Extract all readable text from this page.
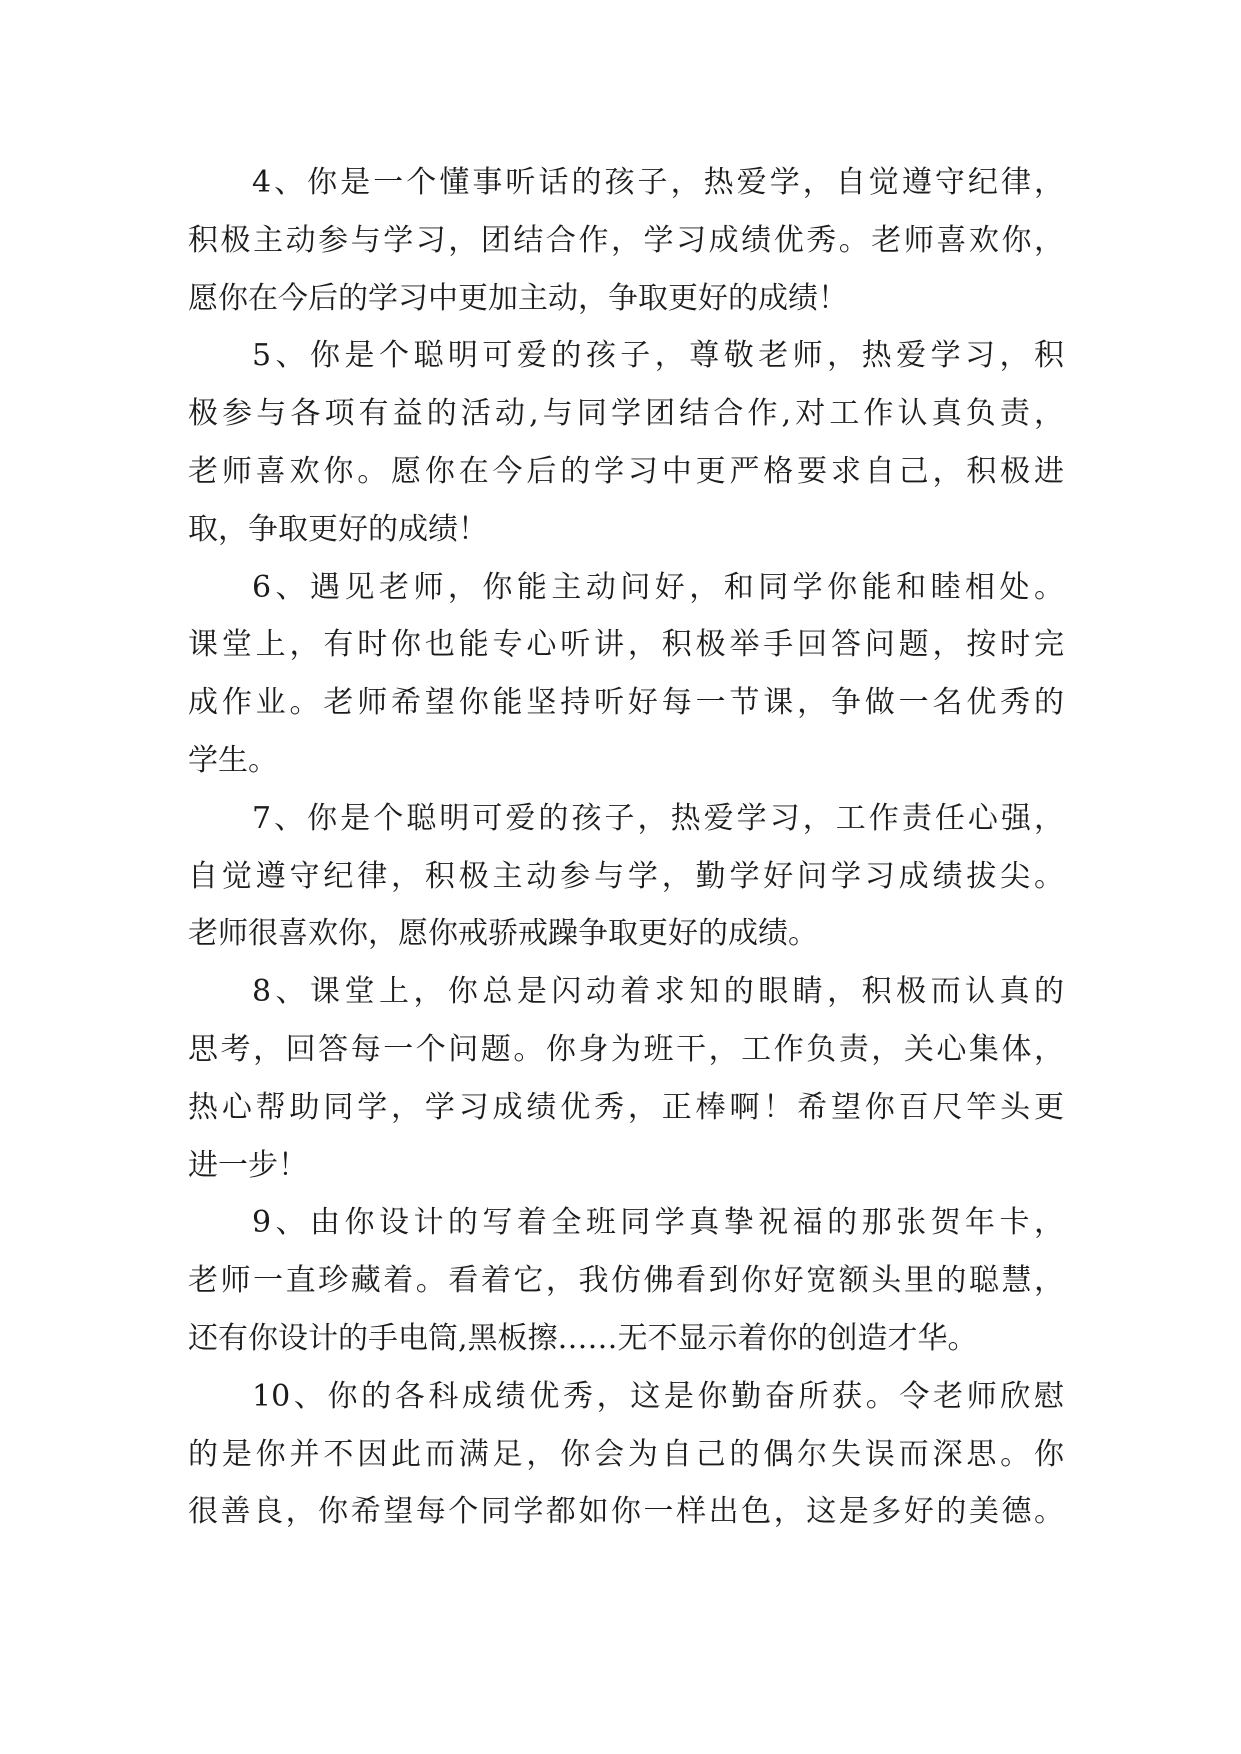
4、你是一个懂事听话的孩子，热爱学，自觉遵守纪律，
积极主动参与学习，团结合作，学习成绩优秀。老师喜欢你，
愿你在今后的学习中更加主动，争取更好的成绩！
5、你是个聪明可爱的孩子，尊敬老师，热爱学习，积
极参与各项有益的活动,与同学团结合作,对工作认真负责，
老师喜欢你。愿你在今后的学习中更严格要求自己，积极进
取，争取更好的成绩！
6、遇见老师，你能主动问好，和同学你能和睦相处。
课堂上，有时你也能专心听讲，积极举手回答问题，按时完
成作业。老师希望你能坚持听好每一节课，争做一名优秀的
学生。
7、你是个聪明可爱的孩子，热爱学习，工作责任心强，
自觉遵守纪律，积极主动参与学，勤学好问学习成绩拔尖。
老师很喜欢你，愿你戒骄戒躁争取更好的成绩。
8、课堂上，你总是闪动着求知的眼睛，积极而认真的
思考，回答每一个问题。你身为班干，工作负责，关心集体，
热心帮助同学，学习成绩优秀，正棒啊！希望你百尺竿头更
进一步！
9、由你设计的写着全班同学真挚祝福的那张贺年卡，
老师一直珍藏着。看着它，我仿佛看到你好宽额头里的聪慧，
还有你设计的手电筒,黑板擦……无不显示着你的创造才华。
10、你的各科成绩优秀，这是你勤奋所获。令老师欣慰
的是你并不因此而满足，你会为自己的偶尔失误而深思。你
很善良，你希望每个同学都如你一样出色，这是多好的美德。
